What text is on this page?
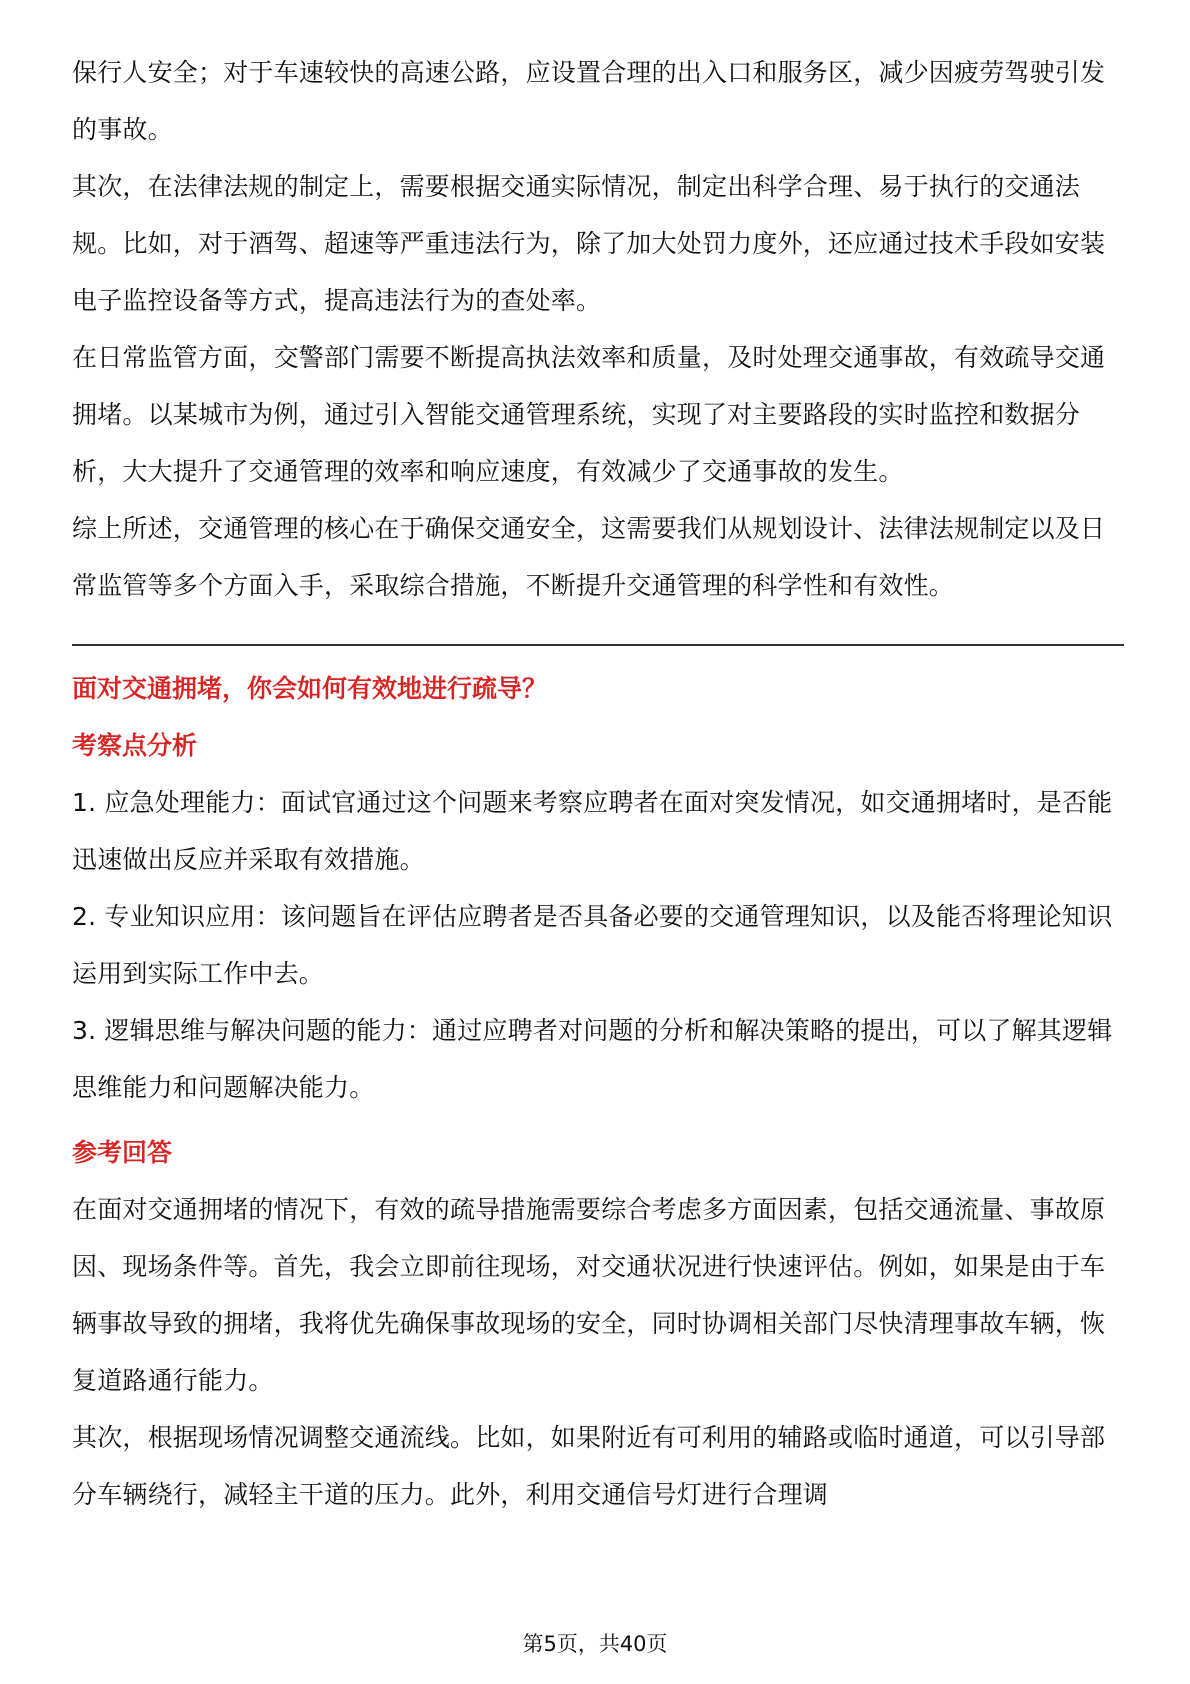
保行人安全；对于车速较快的高速公路，应设置合理的出入口和服务区，减少因疲劳驾驶引发的事故。

其次，在法律法规的制定上，需要根据交通实际情况，制定出科学合理、易于执行的交通法规。比如，对于酒驾、超速等严重违法行为，除了加大处罚力度外，还应通过技术手段如安装电子监控设备等方式，提高违法行为的查处率。

在日常监管方面，交警部门需要不断提高执法效率和质量，及时处理交通事故，有效疏导交通拥堵。以某城市为例，通过引入智能交通管理系统，实现了对主要路段的实时监控和数据分析，大大提升了交通管理的效率和响应速度，有效减少了交通事故的发生。

综上所述，交通管理的核心在于确保交通安全，这需要我们从规划设计、法律法规制定以及日常监管等多个方面入手，采取综合措施，不断提升交通管理的科学性和有效性。

面对交通拥堵，你会如何有效地进行疏导？
考察点分析

1. 应急处理能力：面试官通过这个问题来考察应聘者在面对突发情况，如交通拥堵时，是否能迅速做出反应并采取有效措施。

2. 专业知识应用：该问题旨在评估应聘者是否具备必要的交通管理知识，以及能否将理论知识运用到实际工作中去。

3. 逻辑思维与解决问题的能力：通过应聘者对问题的分析和解决策略的提出，可以了解其逻辑思维能力和问题解决能力。

参考回答

在面对交通拥堵的情况下，有效的疏导措施需要综合考虑多方面因素，包括交通流量、事故原因、现场条件等。首先，我会立即前往现场，对交通状况进行快速评估。例如，如果是由于车辆事故导致的拥堵，我将优先确保事故现场的安全，同时协调相关部门尽快清理事故车辆，恢复道路通行能力。

其次，根据现场情况调整交通流线。比如，如果附近有可利用的辅路或临时通道，可以引导部分车辆绕行，减轻主干道的压力。此外，利用交通信号灯进行合理调

第5页，共40页
